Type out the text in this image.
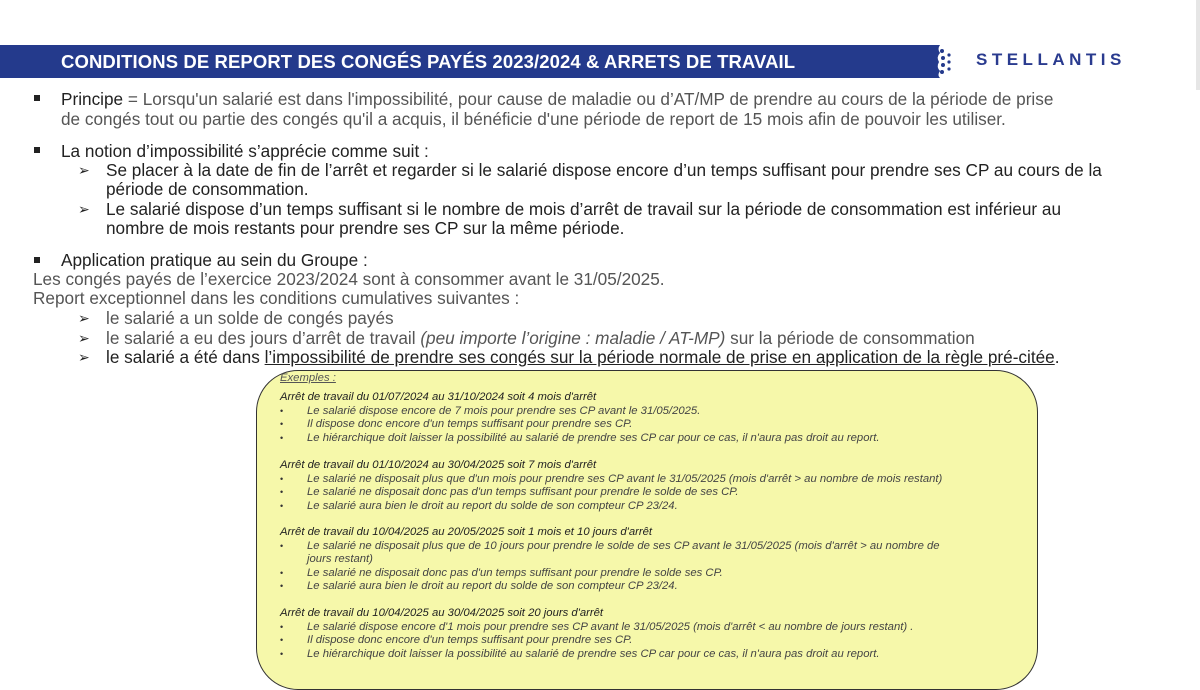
CONDITIONS DE REPORT DES CONGÉS PAYÉS 2023/2024 & ARRETS DE TRAVAIL	STELLANTIS
Principe = Lorsqu'un salarié est dans l'impossibilité, pour cause de maladie ou d’AT/MP de prendre au cours de la période de prise
de congés tout ou partie des congés qu'il a acquis, il bénéficie d'une période de report de 15 mois afin de pouvoir les utiliser.
La notion d’impossibilité s’apprécie comme suit :
➢ Se placer à la date de fin de l’arrêt et regarder si le salarié dispose encore d’un temps suffisant pour prendre ses CP au cours de la
période de consommation.
➢ Le salarié dispose d’un temps suffisant si le nombre de mois d’arrêt de travail sur la période de consommation est inférieur au
nombre de mois restants pour prendre ses CP sur la même période.
Application pratique au sein du Groupe :
Les congés payés de l’exercice 2023/2024 sont à consommer avant le 31/05/2025.
Report exceptionnel dans les conditions cumulatives suivantes :
➢ le salarié a un solde de congés payés
➢ le salarié a eu des jours d’arrêt de travail (peu importe l’origine : maladie / AT-MP) sur la période de consommation
➢ le salarié a été dans l’impossibilité de prendre ses congés sur la période normale de prise en application de la règle pré-citée.
Exemples :
Arrêt de travail du 01/07/2024 au 31/10/2024 soit 4 mois d'arrêt
• Le salarié dispose encore de 7 mois pour prendre ses CP avant le 31/05/2025.
• Il dispose donc encore d'un temps suffisant pour prendre ses CP.
• Le hiérarchique doit laisser la possibilité au salarié de prendre ses CP car pour ce cas, il n'aura pas droit au report.
Arrêt de travail du 01/10/2024 au 30/04/2025 soit 7 mois d'arrêt
• Le salarié ne disposait plus que d'un mois pour prendre ses CP avant le 31/05/2025 (mois d'arrêt > au nombre de mois restant)
• Le salarié ne disposait donc pas d'un temps suffisant pour prendre le solde de ses CP.
• Le salarié aura bien le droit au report du solde de son compteur CP 23/24.
Arrêt de travail du 10/04/2025 au 20/05/2025 soit 1 mois et 10 jours d'arrêt
• Le salarié ne disposait plus que de 10 jours pour prendre le solde de ses CP avant le 31/05/2025 (mois d'arrêt > au nombre de
jours restant)
• Le salarié ne disposait donc pas d'un temps suffisant pour prendre le solde ses CP.
• Le salarié aura bien le droit au report du solde de son compteur CP 23/24.
Arrêt de travail du 10/04/2025 au 30/04/2025 soit 20 jours d'arrêt
• Le salarié dispose encore d'1 mois pour prendre ses CP avant le 31/05/2025 (mois d'arrêt < au nombre de jours restant) .
• Il dispose donc encore d'un temps suffisant pour prendre ses CP.
• Le hiérarchique doit laisser la possibilité au salarié de prendre ses CP car pour ce cas, il n'aura pas droit au report.
